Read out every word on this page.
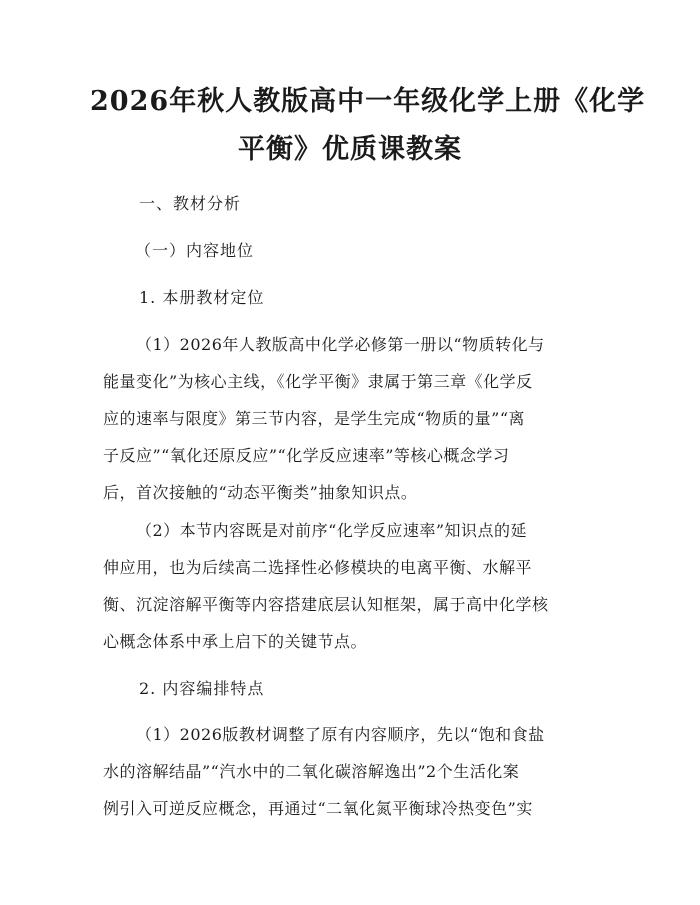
2026年秋人教版高中一年级化学上册《化学
平衡》优质课教案
一、教材分析
（一）内容地位
1. 本册教材定位
（1）2026年人教版高中化学必修第一册以“物质转化与
能量变化”为核心主线，《化学平衡》隶属于第三章《化学反
应的速率与限度》第三节内容，是学生完成“物质的量”“离
子反应”“氧化还原反应”“化学反应速率”等核心概念学习
后，首次接触的“动态平衡类”抽象知识点。
（2）本节内容既是对前序“化学反应速率”知识点的延
伸应用，也为后续高二选择性必修模块的电离平衡、水解平
衡、沉淀溶解平衡等内容搭建底层认知框架，属于高中化学核
心概念体系中承上启下的关键节点。
2. 内容编排特点
（1）2026版教材调整了原有内容顺序，先以“饱和食盐
水的溶解结晶”“汽水中的二氧化碳溶解逸出”2个生活化案
例引入可逆反应概念，再通过“二氧化氮平衡球冷热变色”实
